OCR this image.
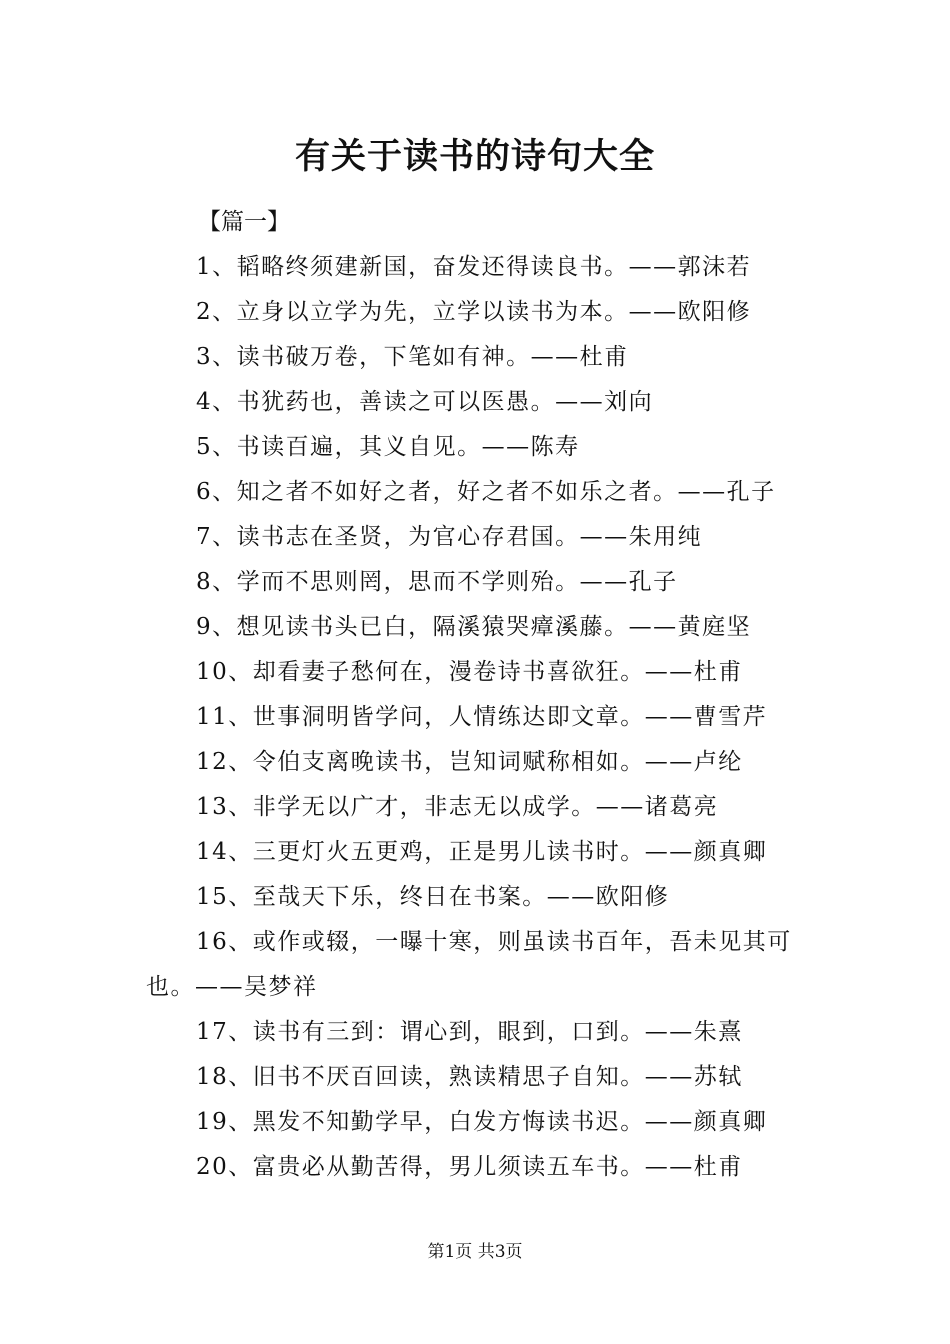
有关于读书的诗句大全
【篇一】
1、韬略终须建新国，奋发还得读良书。——郭沫若
2、立身以立学为先，立学以读书为本。——欧阳修
3、读书破万卷，下笔如有神。——杜甫
4、书犹药也，善读之可以医愚。——刘向
5、书读百遍，其义自见。——陈寿
6、知之者不如好之者，好之者不如乐之者。——孔子
7、读书志在圣贤，为官心存君国。——朱用纯
8、学而不思则罔，思而不学则殆。——孔子
9、想见读书头已白，隔溪猿哭瘴溪藤。——黄庭坚
10、却看妻子愁何在，漫卷诗书喜欲狂。——杜甫
11、世事洞明皆学问，人情练达即文章。——曹雪芹
12、令伯支离晚读书，岂知词赋称相如。——卢纶
13、非学无以广才，非志无以成学。——诸葛亮
14、三更灯火五更鸡，正是男儿读书时。——颜真卿
15、至哉天下乐，终日在书案。——欧阳修
16、或作或辍，一曝十寒，则虽读书百年，吾未见其可也。——吴梦祥
17、读书有三到：谓心到，眼到，口到。——朱熹
18、旧书不厌百回读，熟读精思子自知。——苏轼
19、黑发不知勤学早，白发方悔读书迟。——颜真卿
20、富贵必从勤苦得，男儿须读五车书。——杜甫
第1页 共3页
